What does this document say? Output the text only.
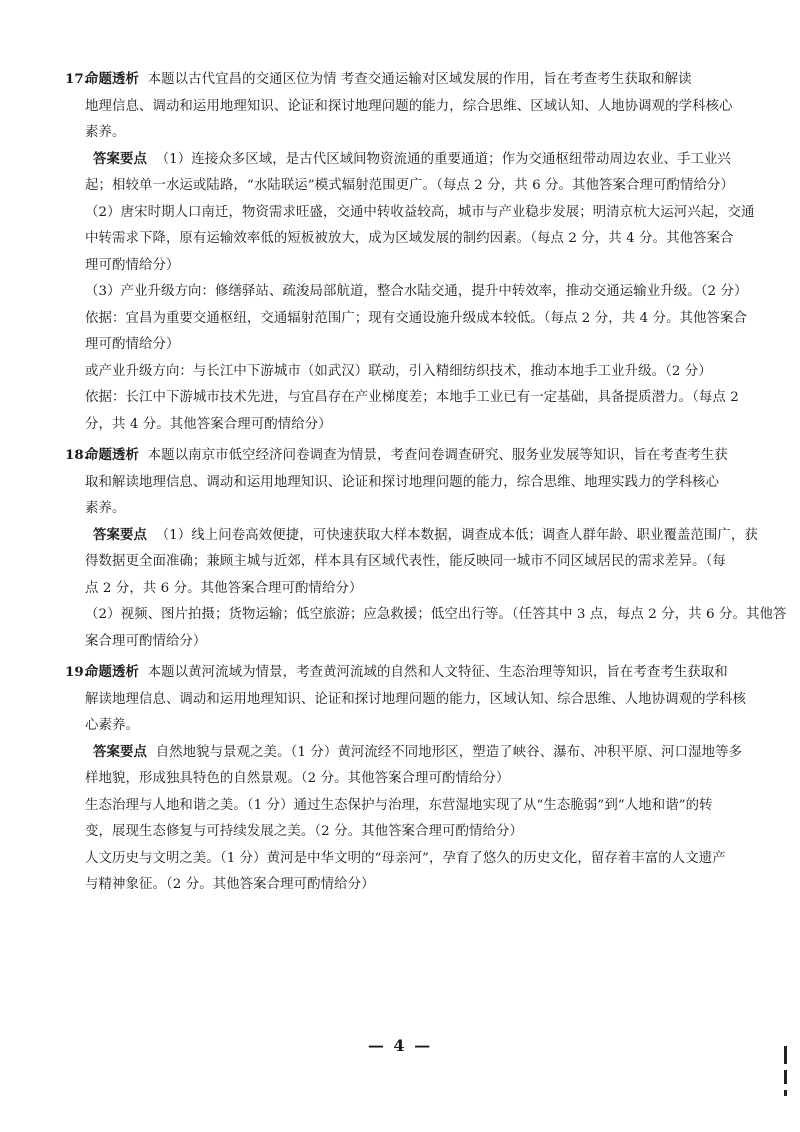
17.命题透析 本题以古代宜昌的交通区位为情 考查交通运输对区域发展的作用，旨在考查考生获取和解读
地理信息、调动和运用地理知识、论证和探讨地理问题的能力，综合思维、区域认知、人地协调观的学科核心
素养。
答案要点 （1）连接众多区域，是古代区域间物资流通的重要通道；作为交通枢纽带动周边农业、手工业兴
起；相较单一水运或陆路，“水陆联运”模式辐射范围更广。（每点 2 分，共 6 分。其他答案合理可酌情给分）
（2）唐宋时期人口南迁，物资需求旺盛，交通中转收益较高，城市与产业稳步发展；明清京杭大运河兴起，交通
中转需求下降，原有运输效率低的短板被放大，成为区域发展的制约因素。（每点 2 分，共 4 分。其他答案合
理可酌情给分）
（3）产业升级方向：修缮驿站、疏浚局部航道，整合水陆交通，提升中转效率，推动交通运输业升级。（2 分）
依据：宜昌为重要交通枢纽，交通辐射范围广；现有交通设施升级成本较低。（每点 2 分，共 4 分。其他答案合
理可酌情给分）
或产业升级方向：与长江中下游城市（如武汉）联动，引入精细纺织技术，推动本地手工业升级。（2 分）
依据：长江中下游城市技术先进，与宜昌存在产业梯度差；本地手工业已有一定基础，具备提质潜力。（每点 2
分，共 4 分。其他答案合理可酌情给分）
18.命题透析 本题以南京市低空经济问卷调查为情景，考查问卷调查研究、服务业发展等知识，旨在考查考生获
取和解读地理信息、调动和运用地理知识、论证和探讨地理问题的能力，综合思维、地理实践力的学科核心
素养。
答案要点 （1）线上问卷高效便捷，可快速获取大样本数据，调查成本低；调查人群年龄、职业覆盖范围广，获
得数据更全面准确；兼顾主城与近郊，样本具有区域代表性，能反映同一城市不同区域居民的需求差异。（每
点 2 分，共 6 分。其他答案合理可酌情给分）
（2）视频、图片拍摄；货物运输；低空旅游；应急救援；低空出行等。（任答其中 3 点，每点 2 分，共 6 分。其他答
案合理可酌情给分）
19.命题透析 本题以黄河流域为情景，考查黄河流域的自然和人文特征、生态治理等知识，旨在考查考生获取和
解读地理信息、调动和运用地理知识、论证和探讨地理问题的能力，区域认知、综合思维、人地协调观的学科核
心素养。
答案要点 自然地貌与景观之美。（1 分）黄河流经不同地形区，塑造了峡谷、瀑布、冲积平原、河口湿地等多
样地貌，形成独具特色的自然景观。（2 分。其他答案合理可酌情给分）
生态治理与人地和谐之美。（1 分）通过生态保护与治理，东营湿地实现了从“生态脆弱”到“人地和谐”的转
变，展现生态修复与可持续发展之美。（2 分。其他答案合理可酌情给分）
人文历史与文明之美。（1 分）黄河是中华文明的“母亲河”，孕育了悠久的历史文化，留存着丰富的人文遗产
与精神象征。（2 分。其他答案合理可酌情给分）
— 4 —
